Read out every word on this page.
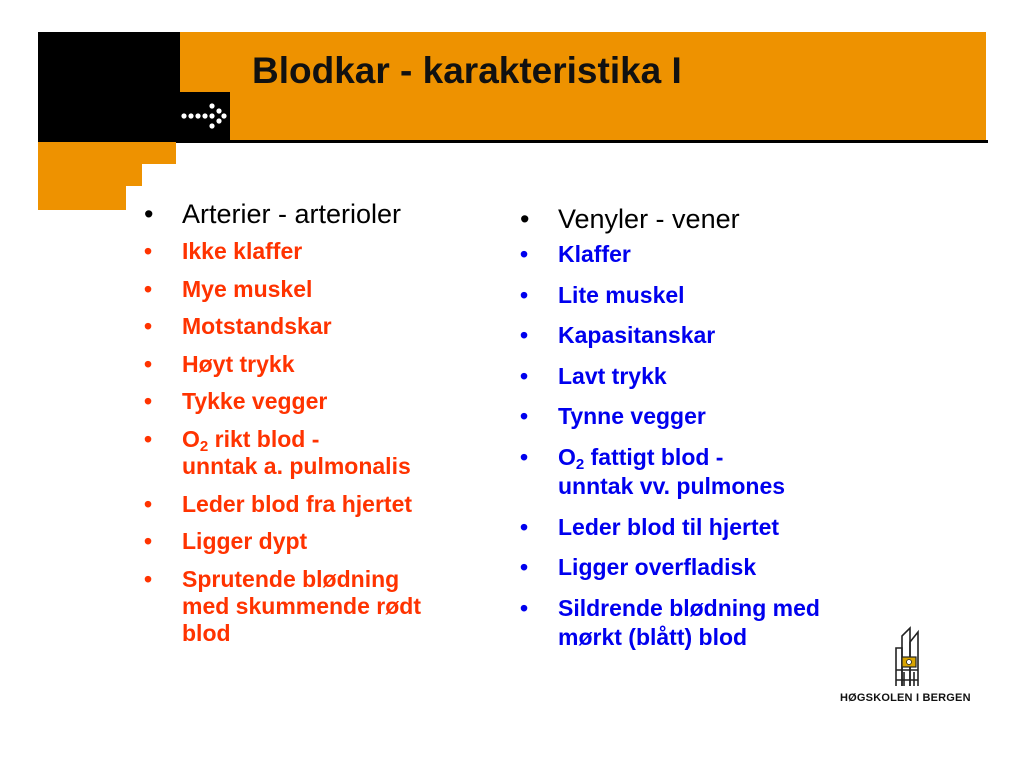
Blodkar - karakteristika I
• Arterier - arterioler
• Ikke klaffer
• Mye muskel
• Motstandskar
• Høyt trykk
• Tykke vegger
• $O_2$ rikt blod -
unntak a. pulmonalis
• Leder blod fra hjertet
• Ligger dypt
• Sprutende blødning
med skummende rødt
blod
• Venyler - vener
• Klaffer
• Lite muskel
• Kapasitanskar
• Lavt trykk
• Tynne vegger
• $O_2$ fattigt blod -
unntak vv. pulmones
• Leder blod til hjertet
• Ligger overfladisk
• Sildrende blødning med
mørkt (blått) blod
HØGSKOLEN I BERGEN
